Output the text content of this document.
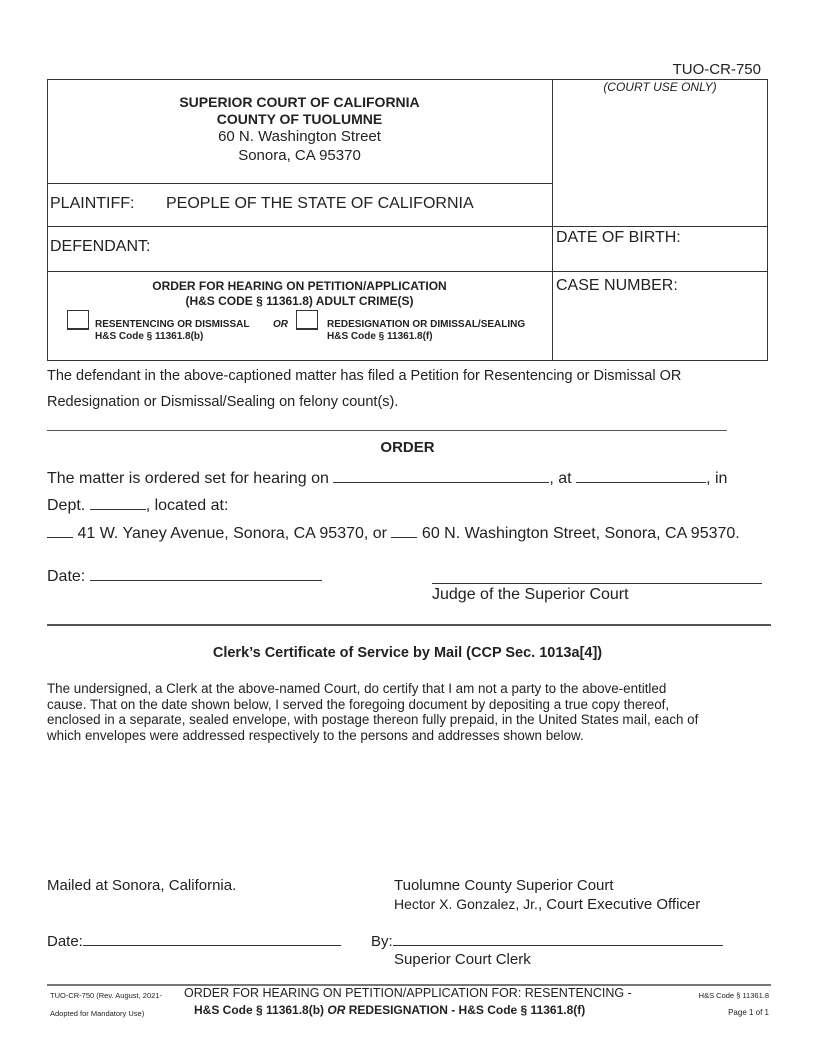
TUO-CR-750
(COURT USE ONLY)
SUPERIOR COURT OF CALIFORNIA
COUNTY OF TUOLUMNE
60 N. Washington Street
Sonora, CA 95370
PLAINTIFF: PEOPLE OF THE STATE OF CALIFORNIA
DEFENDANT:
DATE OF BIRTH:
CASE NUMBER:
ORDER FOR HEARING ON PETITION/APPLICATION
(H&S CODE § 11361.8) ADULT CRIME(S)
RESENTENCING OR DISMISSAL
H&S Code § 11361.8(b)
OR	REDESIGNATION OR DIMISSAL/SEALING
H&S Code § 11361.8(f)
The defendant in the above-captioned matter has filed a Petition for Resentencing or Dismissal OR
Redesignation or Dismissal/Sealing on felony count(s).
ORDER
The matter is ordered set for hearing on	, at	, in
Dept.	, located at:
41 W. Yaney Avenue, Sonora, CA 95370, or 60 N. Washington Street, Sonora, CA 95370.
Date:
Judge of the Superior Court
Clerk’s Certificate of Service by Mail (CCP Sec. 1013a[4])
The undersigned, a Clerk at the above-named Court, do certify that I am not a party to the above-entitled
cause. That on the date shown below, I served the foregoing document by depositing a true copy thereof,
enclosed in a separate, sealed envelope, with postage thereon fully prepaid, in the United States mail, each of
which envelopes were addressed respectively to the persons and addresses shown below.
Mailed at Sonora, California.	Tuolumne County Superior Court
Hector X. Gonzalez, Jr., Court Executive Officer
Date:	By:
Superior Court Clerk
TUO-CR-750 (Rev. August, 2021-
Adopted for Mandatory Use)
ORDER FOR HEARING ON PETITION/APPLICATION FOR: RESENTENCING -
H&S Code § 11361.8(b) OR REDESIGNATION - H&S Code § 11361.8(f)
H&S Code § 11361.8
Page 1 of 1
